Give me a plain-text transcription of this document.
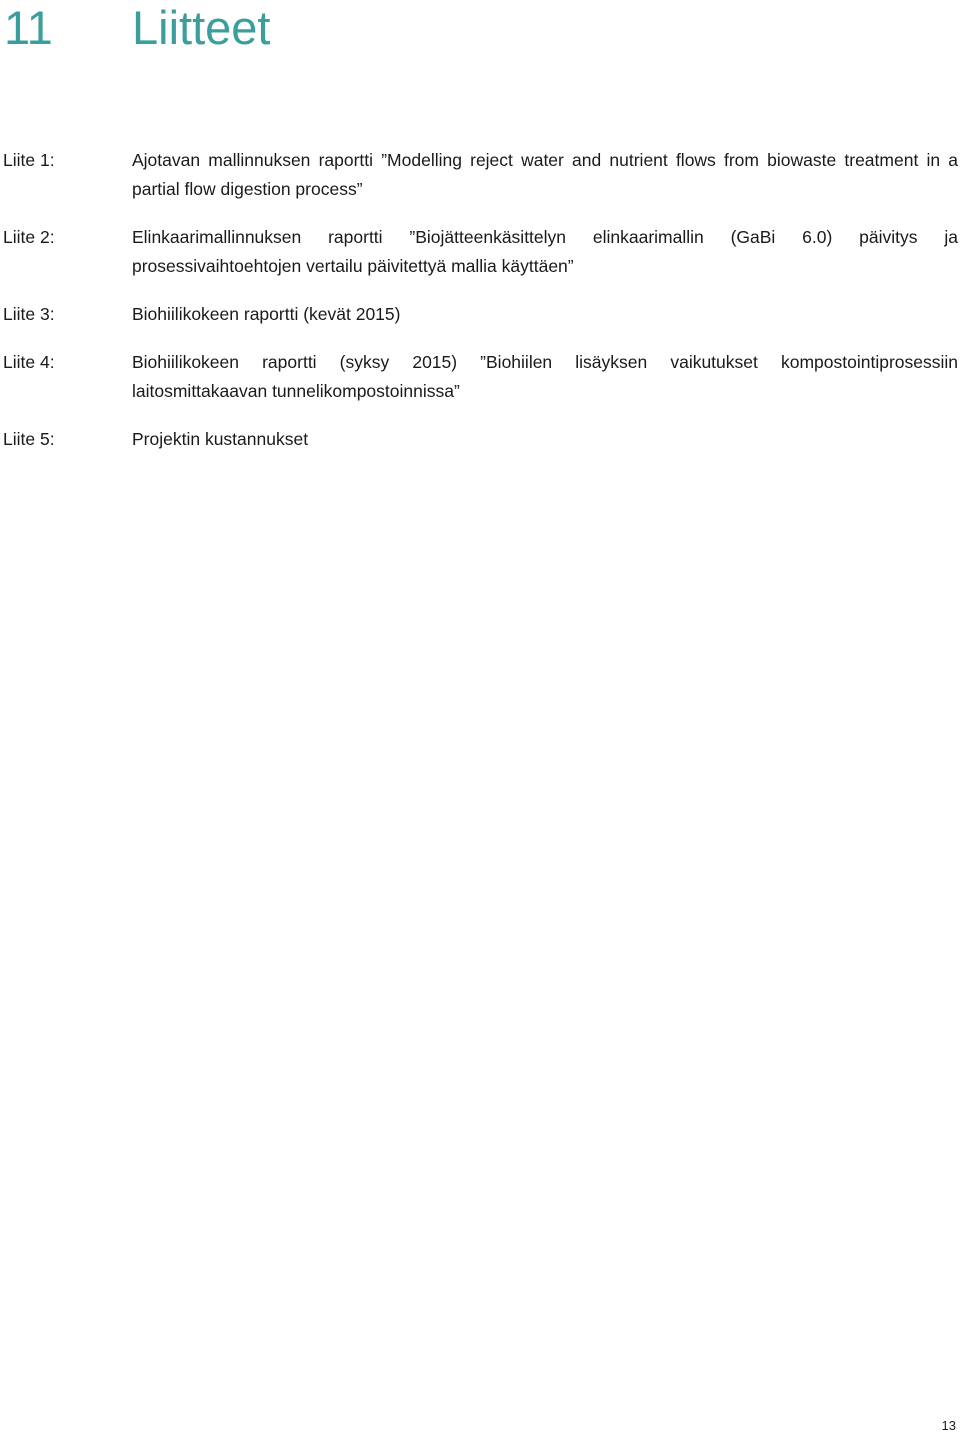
11 Liitteet
Liite 1:	Ajotavan mallinnuksen raportti ”Modelling reject water and nutrient flows from biowaste treatment in a partial flow digestion process”
Liite 2:	Elinkaarimallinnuksen raportti ”Biojätteenkäsittelyn elinkaarimallin (GaBi 6.0) päivitys ja prosessivaihtoehtojen vertailu päivitettyä mallia käyttäen”
Liite 3:	Biohiilikokeen raportti (kevät 2015)
Liite 4:	Biohiilikokeen raportti (syksy 2015) ”Biohiilen lisäyksen vaikutukset kompostointiprosessiin laitosmittakaavan tunnelikompostoinnissa”
Liite 5:	Projektin kustannukset
13
